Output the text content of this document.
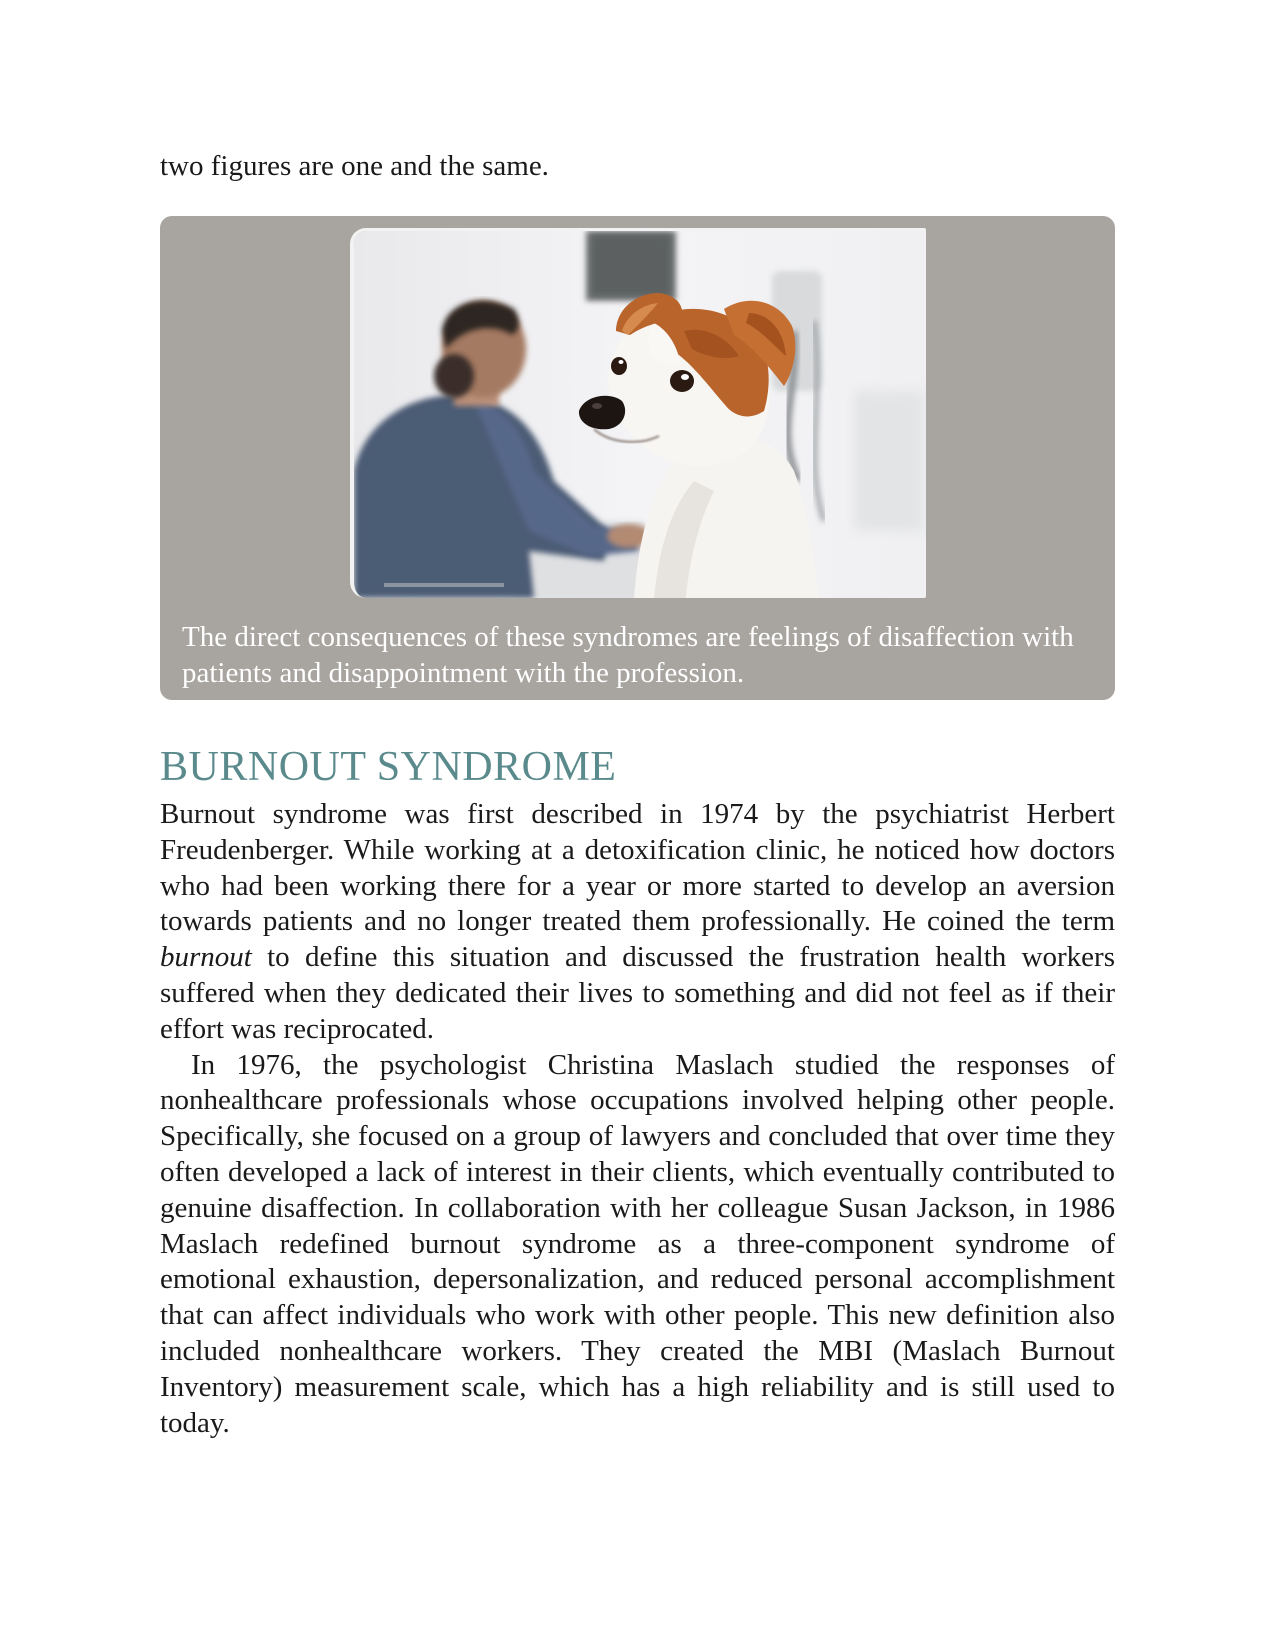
two figures are one and the same.

The direct consequences of these syndromes are feelings of disaffection with patients and disappointment with the profession.

BURNOUT SYNDROME

Burnout syndrome was first described in 1974 by the psychiatrist Herbert Freudenberger. While working at a detoxification clinic, he noticed how doctors who had been working there for a year or more started to develop an aversion towards patients and no longer treated them professionally. He coined the term burnout to define this situation and discussed the frustration health workers suffered when they dedicated their lives to something and did not feel as if their effort was reciprocated.

In 1976, the psychologist Christina Maslach studied the responses of nonhealthcare professionals whose occupations involved helping other people. Specifically, she focused on a group of lawyers and concluded that over time they often developed a lack of interest in their clients, which eventually contributed to genuine disaffection. In collaboration with her colleague Susan Jackson, in 1986 Maslach redefined burnout syndrome as a three-component syndrome of emotional exhaustion, depersonalization, and reduced personal accomplishment that can affect individuals who work with other people. This new definition also included nonhealthcare workers. They created the MBI (Maslach Burnout Inventory) measurement scale, which has a high reliability and is still used to today.
